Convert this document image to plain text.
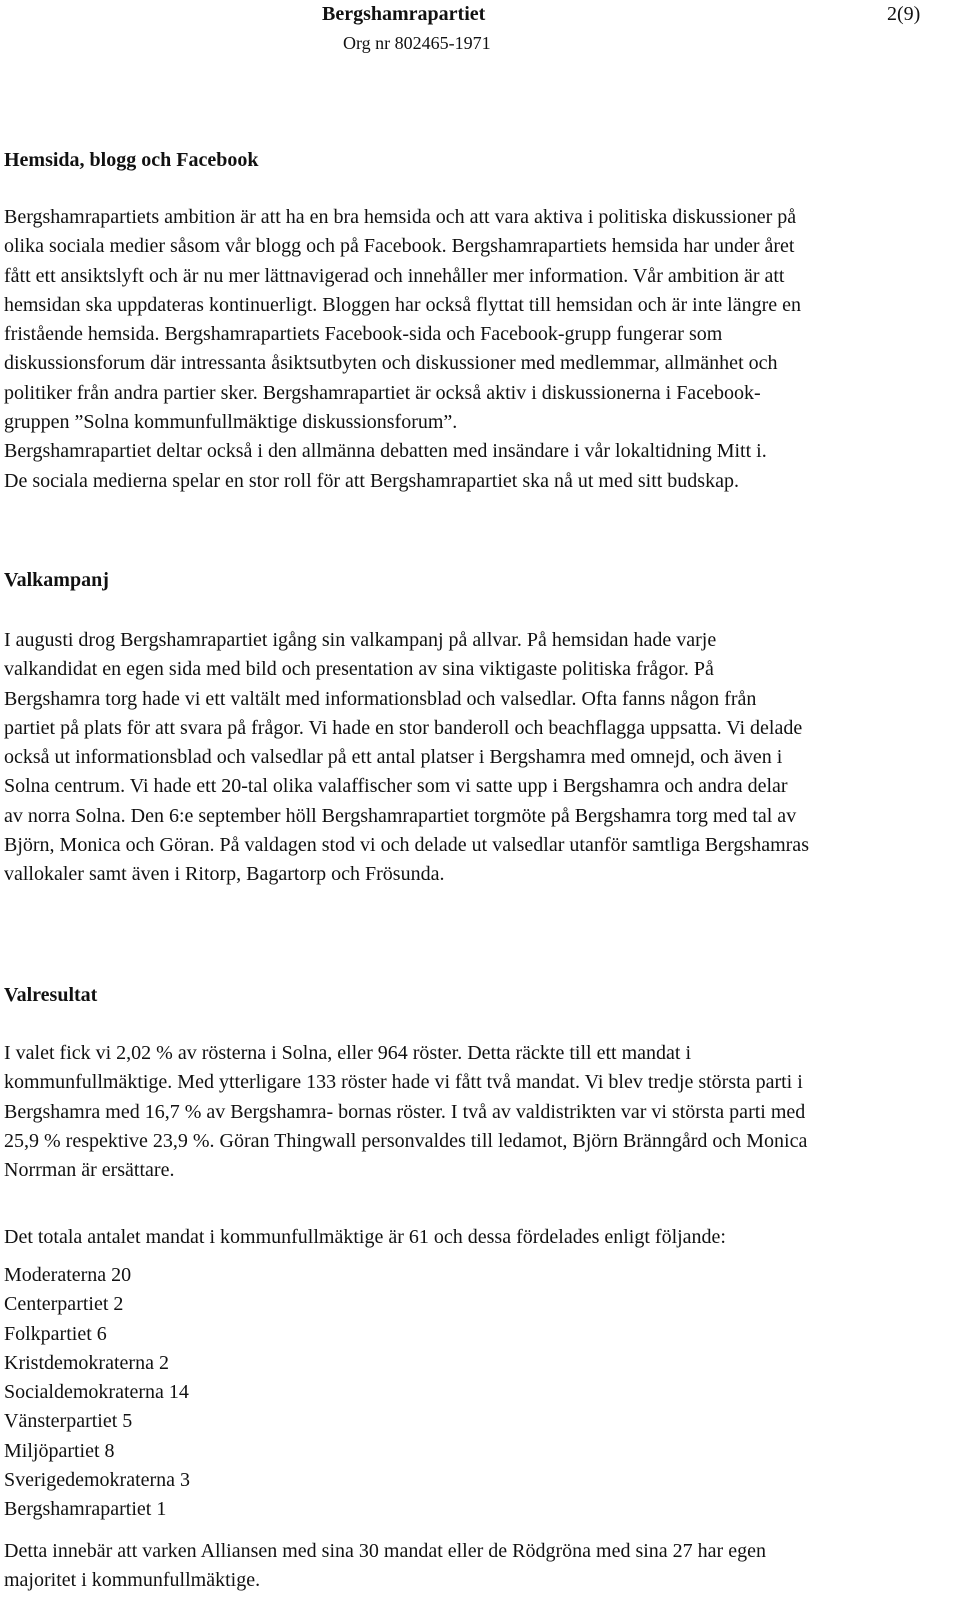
Bergshamrapartiet	2(9)
Org nr 802465-1971
Hemsida, blogg och Facebook
Bergshamrapartiets ambition är att ha en bra hemsida och att vara aktiva i politiska diskussioner på
olika sociala medier såsom vår blogg och på Facebook. Bergshamrapartiets hemsida har under året
fått ett ansiktslyft och är nu mer lättnavigerad och innehåller mer information. Vår ambition är att
hemsidan ska uppdateras kontinuerligt. Bloggen har också flyttat till hemsidan och är inte längre en
fristående hemsida. Bergshamrapartiets Facebook-sida och Facebook-grupp fungerar som
diskussionsforum där intressanta åsiktsutbyten och diskussioner med medlemmar, allmänhet och
politiker från andra partier sker. Bergshamrapartiet är också aktiv i diskussionerna i Facebook-
gruppen ”Solna kommunfullmäktige diskussionsforum”.
Bergshamrapartiet deltar också i den allmänna debatten med insändare i vår lokaltidning Mitt i.
De sociala medierna spelar en stor roll för att Bergshamrapartiet ska nå ut med sitt budskap.
Valkampanj
I augusti drog Bergshamrapartiet igång sin valkampanj på allvar. På hemsidan hade varje
valkandidat en egen sida med bild och presentation av sina viktigaste politiska frågor. På
Bergshamra torg hade vi ett valtält med informationsblad och valsedlar. Ofta fanns någon från
partiet på plats för att svara på frågor. Vi hade en stor banderoll och beachflagga uppsatta. Vi delade
också ut informationsblad och valsedlar på ett antal platser i Bergshamra med omnejd, och även i
Solna centrum. Vi hade ett 20-tal olika valaffischer som vi satte upp i Bergshamra och andra delar
av norra Solna. Den 6:e september höll Bergshamrapartiet torgmöte på Bergshamra torg med tal av
Björn, Monica och Göran. På valdagen stod vi och delade ut valsedlar utanför samtliga Bergshamras
vallokaler samt även i Ritorp, Bagartorp och Frösunda.
Valresultat
I valet fick vi 2,02 % av rösterna i Solna, eller 964 röster. Detta räckte till ett mandat i
kommunfullmäktige. Med ytterligare 133 röster hade vi fått två mandat. Vi blev tredje största parti i
Bergshamra med 16,7 % av Bergshamra- bornas röster. I två av valdistrikten var vi största parti med
25,9 % respektive 23,9 %. Göran Thingwall personvaldes till ledamot, Björn Bränngård och Monica
Norrman är ersättare.
Det totala antalet mandat i kommunfullmäktige är 61 och dessa fördelades enligt följande:
Moderaterna 20
Centerpartiet 2
Folkpartiet 6
Kristdemokraterna 2
Socialdemokraterna 14
Vänsterpartiet 5
Miljöpartiet 8
Sverigedemokraterna 3
Bergshamrapartiet 1
Detta innebär att varken Alliansen med sina 30 mandat eller de Rödgröna med sina 27 har egen
majoritet i kommunfullmäktige.
